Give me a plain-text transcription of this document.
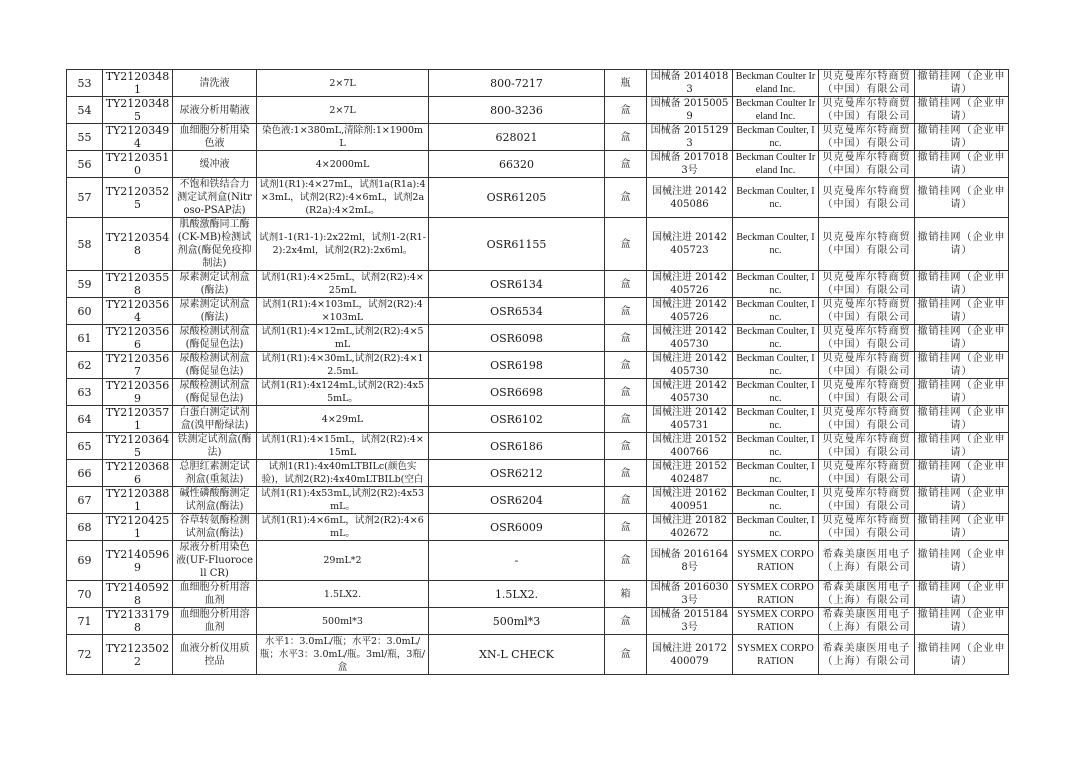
53	TY21203481	清洗液	2×7L	800-7217	瓶	国械备 20140183	Beckman Coulter Ireland Inc.	贝克曼库尔特商贸（中国）有限公司	撤销挂网（企业申请）
54	TY21203485	尿液分析用鞘液	2×7L	800-3236	盒	国械备 20150059	Beckman Coulter Ireland Inc.	贝克曼库尔特商贸（中国）有限公司	撤销挂网（企业申请）
55	TY21203494	血细胞分析用染色液	染色液:1×380mL,清除剂:1×1900mL	628021	盒	国械备 20151293	Beckman Coulter, Inc.	贝克曼库尔特商贸（中国）有限公司	撤销挂网（企业申请）
56	TY21203510	缓冲液	4×2000mL	66320	盒	国械备 20170183号	Beckman Coulter Ireland Inc.	贝克曼库尔特商贸（中国）有限公司	撤销挂网（企业申请）
57	TY21203525	不饱和铁结合力测定试剂盒(Nitroso-PSAP法)	试剂1(R1):4×27mL，试剂1a(R1a):4×3mL，试剂2(R2):4×6mL，试剂2a(R2a):4×2mL。	OSR61205	盒	国械注进 20142405086	Beckman Coulter, Inc.	贝克曼库尔特商贸（中国）有限公司	撤销挂网（企业申请）
58	TY21203548	肌酸激酶同工酶(CK-MB)检测试剂盒(酶促免疫抑制法)	试剂1-1(R1-1):2x22ml，试剂1-2(R1-2):2x4ml，试剂2(R2):2x6ml。	OSR61155	盒	国械注进 20142405723	Beckman Coulter, Inc.	贝克曼库尔特商贸（中国）有限公司	撤销挂网（企业申请）
59	TY21203558	尿素测定试剂盒(酶法)	试剂1(R1):4×25mL，试剂2(R2):4×25mL	OSR6134	盒	国械注进 20142405726	Beckman Coulter, Inc.	贝克曼库尔特商贸（中国）有限公司	撤销挂网（企业申请）
60	TY21203564	尿素测定试剂盒(酶法)	试剂1(R1):4×103mL，试剂2(R2):4×103mL	OSR6534	盒	国械注进 20142405726	Beckman Coulter, Inc.	贝克曼库尔特商贸（中国）有限公司	撤销挂网（企业申请）
61	TY21203566	尿酸检测试剂盒(酶促显色法)	试剂1(R1):4×12mL,试剂2(R2):4×5mL	OSR6098	盒	国械注进 20142405730	Beckman Coulter, Inc.	贝克曼库尔特商贸（中国）有限公司	撤销挂网（企业申请）
62	TY21203567	尿酸检测试剂盒(酶促显色法)	试剂1(R1):4×30mL,试剂2(R2):4×12.5mL	OSR6198	盒	国械注进 20142405730	Beckman Coulter, Inc.	贝克曼库尔特商贸（中国）有限公司	撤销挂网（企业申请）
63	TY21203569	尿酸检测试剂盒(酶促显色法)	试剂1(R1):4x124mL,试剂2(R2):4x55mL。	OSR6698	盒	国械注进 20142405730	Beckman Coulter, Inc.	贝克曼库尔特商贸（中国）有限公司	撤销挂网（企业申请）
64	TY21203571	白蛋白测定试剂盒(溴甲酚绿法)	4×29mL	OSR6102	盒	国械注进 20142405731	Beckman Coulter, Inc.	贝克曼库尔特商贸（中国）有限公司	撤销挂网（企业申请）
65	TY21203645	铁测定试剂盒(酶法)	试剂1(R1):4×15mL，试剂2(R2):4×15mL	OSR6186	盒	国械注进 20152400766	Beckman Coulter, Inc.	贝克曼库尔特商贸（中国）有限公司	撤销挂网（企业申请）
66	TY21203686	总胆红素测定试剂盒(重氮法)	试剂1(R1):4x40mLTBILc(颜色实验)，试剂2(R2):4x40mLTBILb(空白	OSR6212	盒	国械注进 20152402487	Beckman Coulter, Inc.	贝克曼库尔特商贸（中国）有限公司	撤销挂网（企业申请）
67	TY21203881	碱性磷酸酶测定试剂盒(酶法)	试剂1(R1):4x53mL,试剂2(R2):4x53mL。	OSR6204	盒	国械注进 20162400951	Beckman Coulter, Inc.	贝克曼库尔特商贸（中国）有限公司	撤销挂网（企业申请）
68	TY21204251	谷草转氨酶检测试剂盒(酶法)	试剂1(R1):4×6mL，试剂2(R2):4×6mL。	OSR6009	盒	国械注进 20182402672	Beckman Coulter, Inc.	贝克曼库尔特商贸（中国）有限公司	撤销挂网（企业申请）
69	TY21405969	尿液分析用染色液(UF-Fluorocell CR)	29mL*2	-	盒	国械备 20161648号	SYSMEX CORPORATION	希森美康医用电子（上海）有限公司	撤销挂网（企业申请）
70	TY21405928	血细胞分析用溶血剂	1.5LX2.	1.5LX2.	箱	国械备 20160303号	SYSMEX CORPORATION	希森美康医用电子（上海）有限公司	撤销挂网（企业申请）
71	TY21331798	血细胞分析用溶血剂	500ml*3	500ml*3	盒	国械备 20151843号	SYSMEX CORPORATION	希森美康医用电子（上海）有限公司	撤销挂网（企业申请）
72	TY21235022	血液分析仪用质控品	水平1：3.0mL/瓶；水平2：3.0mL/瓶；水平3：3.0mL/瓶。3ml/瓶，3瓶/盒	XN-L CHECK	盒	国械注进 20172400079	SYSMEX CORPORATION	希森美康医用电子（上海）有限公司	撤销挂网（企业申请）
